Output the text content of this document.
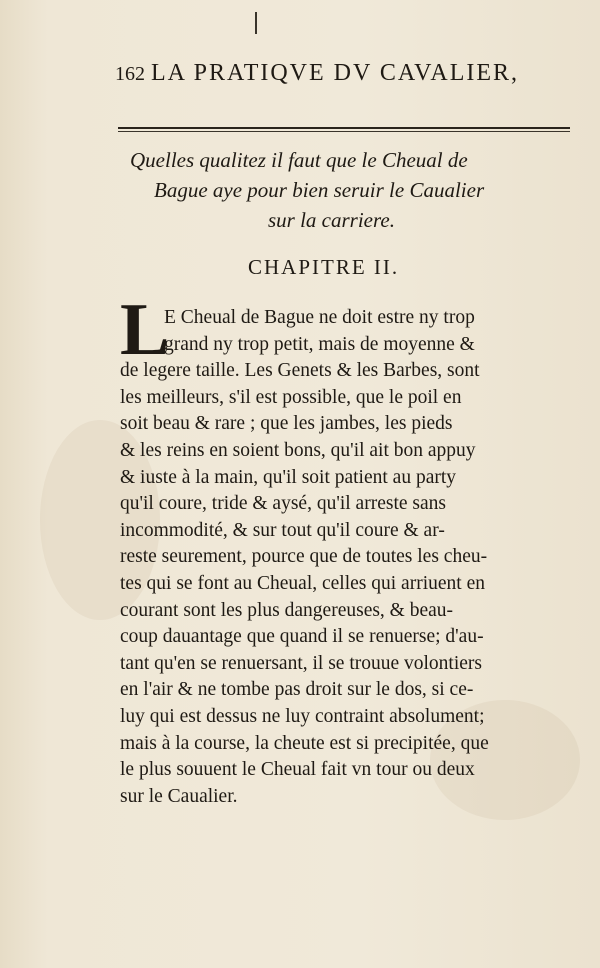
162 LA PRATIQVE DV CAVALIER,
Quelles qualitez il faut que le Cheual de
Bague aye pour bien seruir le Caualier
sur la carriere.
CHAPITRE II.
L
E Cheual de Bague ne doit estre ny trop
grand ny trop petit, mais de moyenne &
de legere taille. Les Genets & les Barbes, sont
les meilleurs, s'il est possible, que le poil en
soit beau & rare ; que les jambes, les pieds
& les reins en soient bons, qu'il ait bon appuy
& iuste à la main, qu'il soit patient au party
qu'il coure, tride & aysé, qu'il arreste sans
incommodité, & sur tout qu'il coure & ar-
reste seurement, pource que de toutes les cheu-
tes qui se font au Cheual, celles qui arriuent en
courant sont les plus dangereuses, & beau-
coup dauantage que quand il se renuerse; d'au-
tant qu'en se renuersant, il se trouue volontiers
en l'air & ne tombe pas droit sur le dos, si ce-
luy qui est dessus ne luy contraint absolument;
mais à la course, la cheute est si precipitée, que
le plus souuent le Cheual fait vn tour ou deux
sur le Caualier.
